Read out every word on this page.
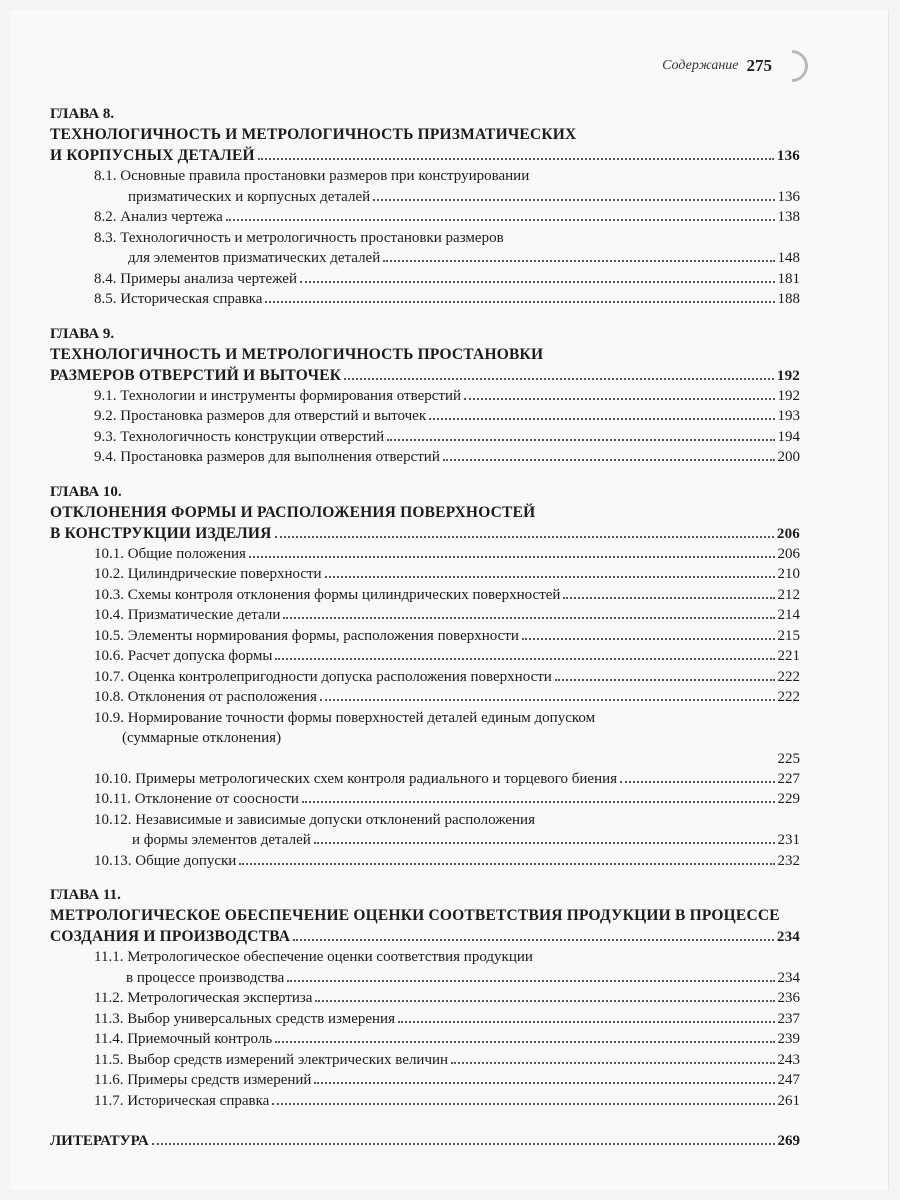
Содержание 275
ГЛАВА 8.
ТЕХНОЛОГИЧНОСТЬ И МЕТРОЛОГИЧНОСТЬ ПРИЗМАТИЧЕСКИХ
И КОРПУСНЫХ ДЕТАЛЕЙ	136
8.1. Основные правила простановки размеров при конструировании
призматических и корпусных деталей	136
8.2. Анализ чертежа	138
8.3. Технологичность и метрологичность простановки размеров
для элементов призматических деталей	148
8.4. Примеры анализа чертежей	181
8.5. Историческая справка	188
ГЛАВА 9.
ТЕХНОЛОГИЧНОСТЬ И МЕТРОЛОГИЧНОСТЬ ПРОСТАНОВКИ
РАЗМЕРОВ ОТВЕРСТИЙ И ВЫТОЧЕК	192
9.1. Технологии и инструменты формирования отверстий	192
9.2. Простановка размеров для отверстий и выточек	193
9.3. Технологичность конструкции отверстий	194
9.4. Простановка размеров для выполнения отверстий	200
ГЛАВА 10.
ОТКЛОНЕНИЯ ФОРМЫ И РАСПОЛОЖЕНИЯ ПОВЕРХНОСТЕЙ
В КОНСТРУКЦИИ ИЗДЕЛИЯ	206
10.1. Общие положения	206
10.2. Цилиндрические поверхности	210
10.3. Схемы контроля отклонения формы цилиндрических поверхностей	212
10.4. Призматические детали	214
10.5. Элементы нормирования формы, расположения поверхности	215
10.6. Расчет допуска формы	221
10.7. Оценка контролепригодности допуска расположения поверхности	222
10.8. Отклонения от расположения	222
10.9. Нормирование точности формы поверхностей деталей единым допуском
(суммарные отклонения)
225
10.10. Примеры метрологических схем контроля радиального и торцевого биения	227
10.11. Отклонение от соосности	229
10.12. Независимые и зависимые допуски отклонений расположения
и формы элементов деталей	231
10.13. Общие допуски	232
ГЛАВА 11.
МЕТРОЛОГИЧЕСКОЕ ОБЕСПЕЧЕНИЕ ОЦЕНКИ СООТВЕТСТВИЯ ПРОДУКЦИИ В ПРОЦЕССЕ
СОЗДАНИЯ И ПРОИЗВОДСТВА	234
11.1. Метрологическое обеспечение оценки соответствия продукции
в процессе производства	234
11.2. Метрологическая экспертиза	236
11.3. Выбор универсальных средств измерения	237
11.4. Приемочный контроль	239
11.5. Выбор средств измерений электрических величин	243
11.6. Примеры средств измерений	247
11.7. Историческая справка	261
ЛИТЕРАТУРА	269
